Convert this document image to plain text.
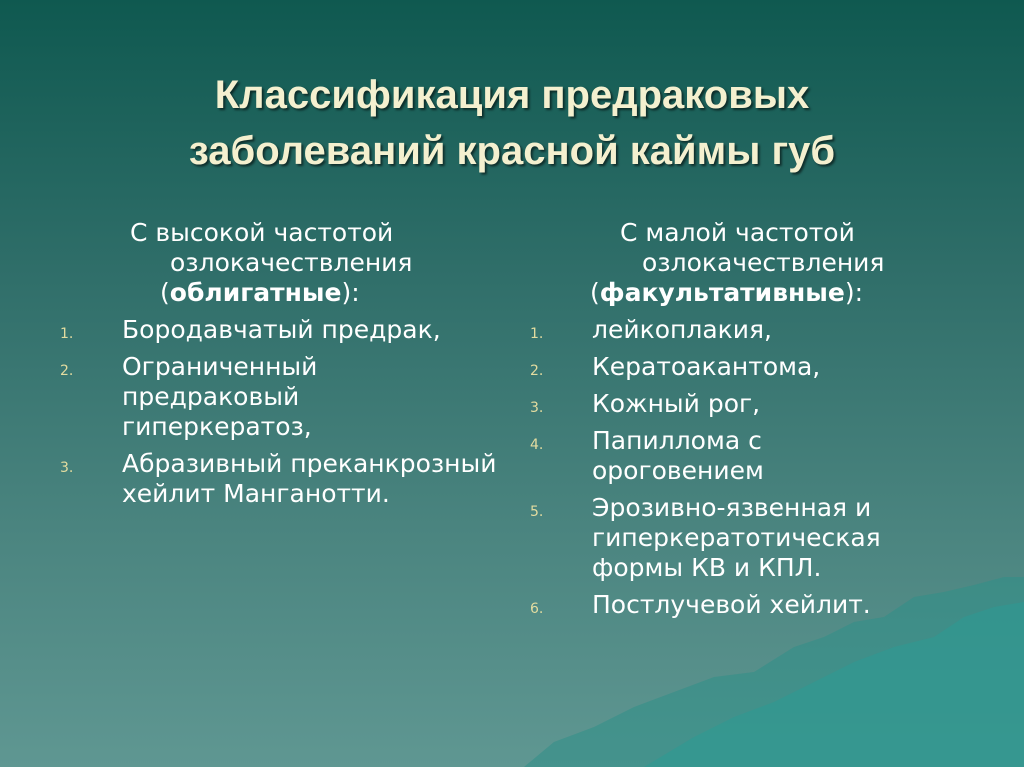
Классификация предраковых
заболеваний красной каймы губ
С высокой частотой
озлокачествления
(облигатные):
1. Бородавчатый предрак,
2. Ограниченный предраковый гиперкератоз,
3. Абразивный преканкрозный хейлит Манганотти.
С малой частотой
озлокачествления
(факультативные):
1. лейкоплакия,
2. Кератоакантома,
3. Кожный рог,
4. Папиллома с ороговением
5. Эрозивно-язвенная и гиперкератотическая формы КВ и КПЛ.
6. Постлучевой хейлит.
